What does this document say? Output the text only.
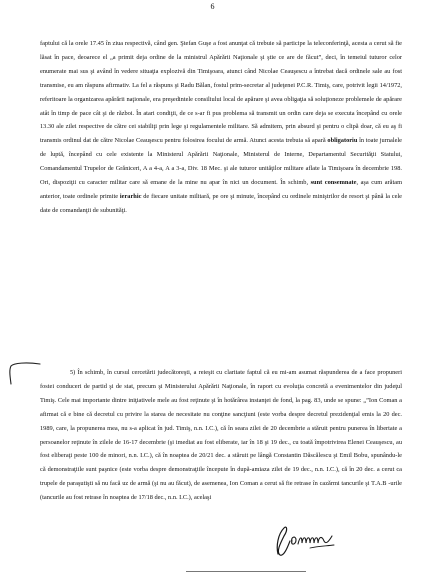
6

faptului că la orele 17.45 în ziua respectivă, când gen. Ştefan Guşe a fost anunţat că trebuie să participe la teleconferinţă, acesta a cerut să fie lăsat în pace, deoarece el „a primit deja ordine de la ministrul Apărării Naţionale şi ştie ce are de făcut”, deci, în temeiul tuturor celor enumerate mai sus şi având în vedere situaţia explozivă din Timişoara, atunci când Nicolae Ceauşescu a întrebat dacă ordinele sale au fost transmise, eu am răspuns afirmativ. La fel a răspuns şi Radu Bălan, fostul prim-secretar al judeţenei P.C.R. Timiş, care, potrivit legii 14/1972, referitoare la organizarea apărării naţionale, era preşedintele consiliului local de apărare şi avea obligaţia să soluţioneze problemele de apărare atât în timp de pace cât şi de război. În atari condiţii, de ce s-ar fi pus problema să transmit un ordin care deja se executa începând cu orele 13.30 ale zilei respective de către cei stabiliţi prin lege şi regulamentele militare. Să admitem, prin absurd şi pentru o clipă doar, că eu aş fi transmis ordinul dat de către Nicolae Ceauşescu pentru folosirea focului de armă. Atunci acesta trebuia să apară obligatoriu în toate jurnalele de luptă, începând cu cele existente la Ministerul Apărării Naţionale, Ministerul de Interne, Departamentul Securităţii Statului, Comandamentul Trupelor de Grăniceri, A a 4-a, A a 3-a, Div. 18 Mec. şi ale tuturor unităţilor militare aflate la Timişoara în decembrie 198. Ori, dispoziţii cu caracter militar care să emane de la mine nu apar în nici un document. În schimb, sunt consemnate, aşa cum arătam anterior, toate ordinele primite ierarhic de fiecare unitate militară, pe ore şi minute, începând cu ordinele miniştrilor de resort şi până la cele date de comandanţii de subunităţi.

5) În schimb, în cursul cercetării judecătoreşti, a reieşit cu claritate faptul că eu mi-am asumat răspunderea de a face propuneri fostei conduceri de partid şi de stat, precum şi Ministerului Apărării Naţionale, în raport cu evoluţia concretă a evenimentelor din judeţul Timiş. Cele mai importante dintre iniţiativele mele au fost reţinute şi în hotărârea instanţei de fond, la pag. 83, unde se spune: „”Ion Coman a afirmat că e bine că decretul cu privire la starea de necesitate nu conţine sancţiuni (este vorba despre decretul prezidenţial emis la 20 dec. 1989, care, la propunerea mea, nu s-a aplicat în jud. Timiş, n.n. I.C.), că în seara zilei de 20 decembrie a stăruit pentru punerea în libertate a persoanelor reţinute în zilele de 16-17 decembrie (şi imediat au fost eliberate, iar în 18 şi 19 dec., cu toată împotrivirea Elenei Ceauşescu, au fost eliberaţi peste 100 de minori, n.n. I.C.), că în noaptea de 20/21 dec. a stăruit pe lângă Constantin Dăscălescu şi Emil Bobu, spunându-le că demonstraţiile sunt paşnice (este vorba despre demonstraţiile începute în după-amiaza zilei de 19 dec., n.n. I.C.), că în 20 dec. a cerut ca trupele de paraşutişti să nu facă uz de armă (şi nu au făcut), de asemenea, Ion Coman a cerut să fie retrase în cazărmi tancurile şi T.A.B -urile (tancurile au fost retrase în noaptea de 17/18 dec., n.n. I.C.), acelaşi
